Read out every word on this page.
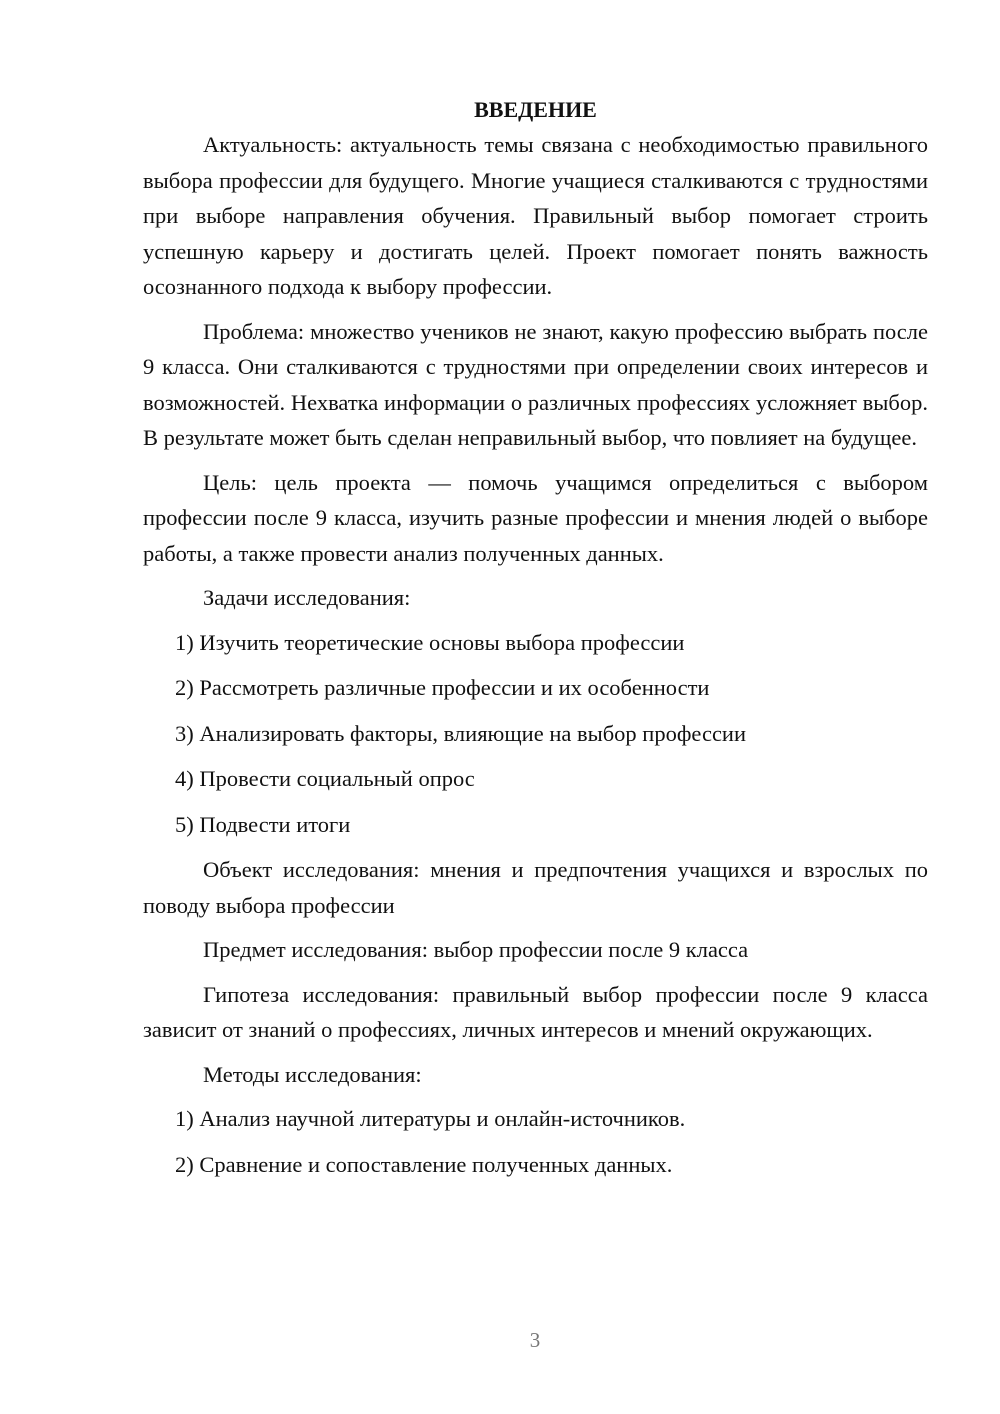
ВВЕДЕНИЕ

Актуальность: актуальность темы связана с необходимостью правильного выбора профессии для будущего. Многие учащиеся сталкиваются с трудностями при выборе направления обучения. Правильный выбор помогает строить успешную карьеру и достигать целей. Проект помогает понять важность осознанного подхода к выбору профессии.

Проблема: множество учеников не знают, какую профессию выбрать после 9 класса. Они сталкиваются с трудностями при определении своих интересов и возможностей. Нехватка информации о различных профессиях усложняет выбор. В результате может быть сделан неправильный выбор, что повлияет на будущее.

Цель: цель проекта — помочь учащимся определиться с выбором профессии после 9 класса, изучить разные профессии и мнения людей о выборе работы, а также провести анализ полученных данных.

Задачи исследования:

1) Изучить теоретические основы выбора профессии
2) Рассмотреть различные профессии и их особенности
3) Анализировать факторы, влияющие на выбор профессии
4) Провести социальный опрос
5) Подвести итоги

Объект исследования: мнения и предпочтения учащихся и взрослых по поводу выбора профессии

Предмет исследования: выбор профессии после 9 класса

Гипотеза исследования: правильный выбор профессии после 9 класса зависит от знаний о профессиях, личных интересов и мнений окружающих.

Методы исследования:

1) Анализ научной литературы и онлайн-источников.
2) Сравнение и сопоставление полученных данных.
3
